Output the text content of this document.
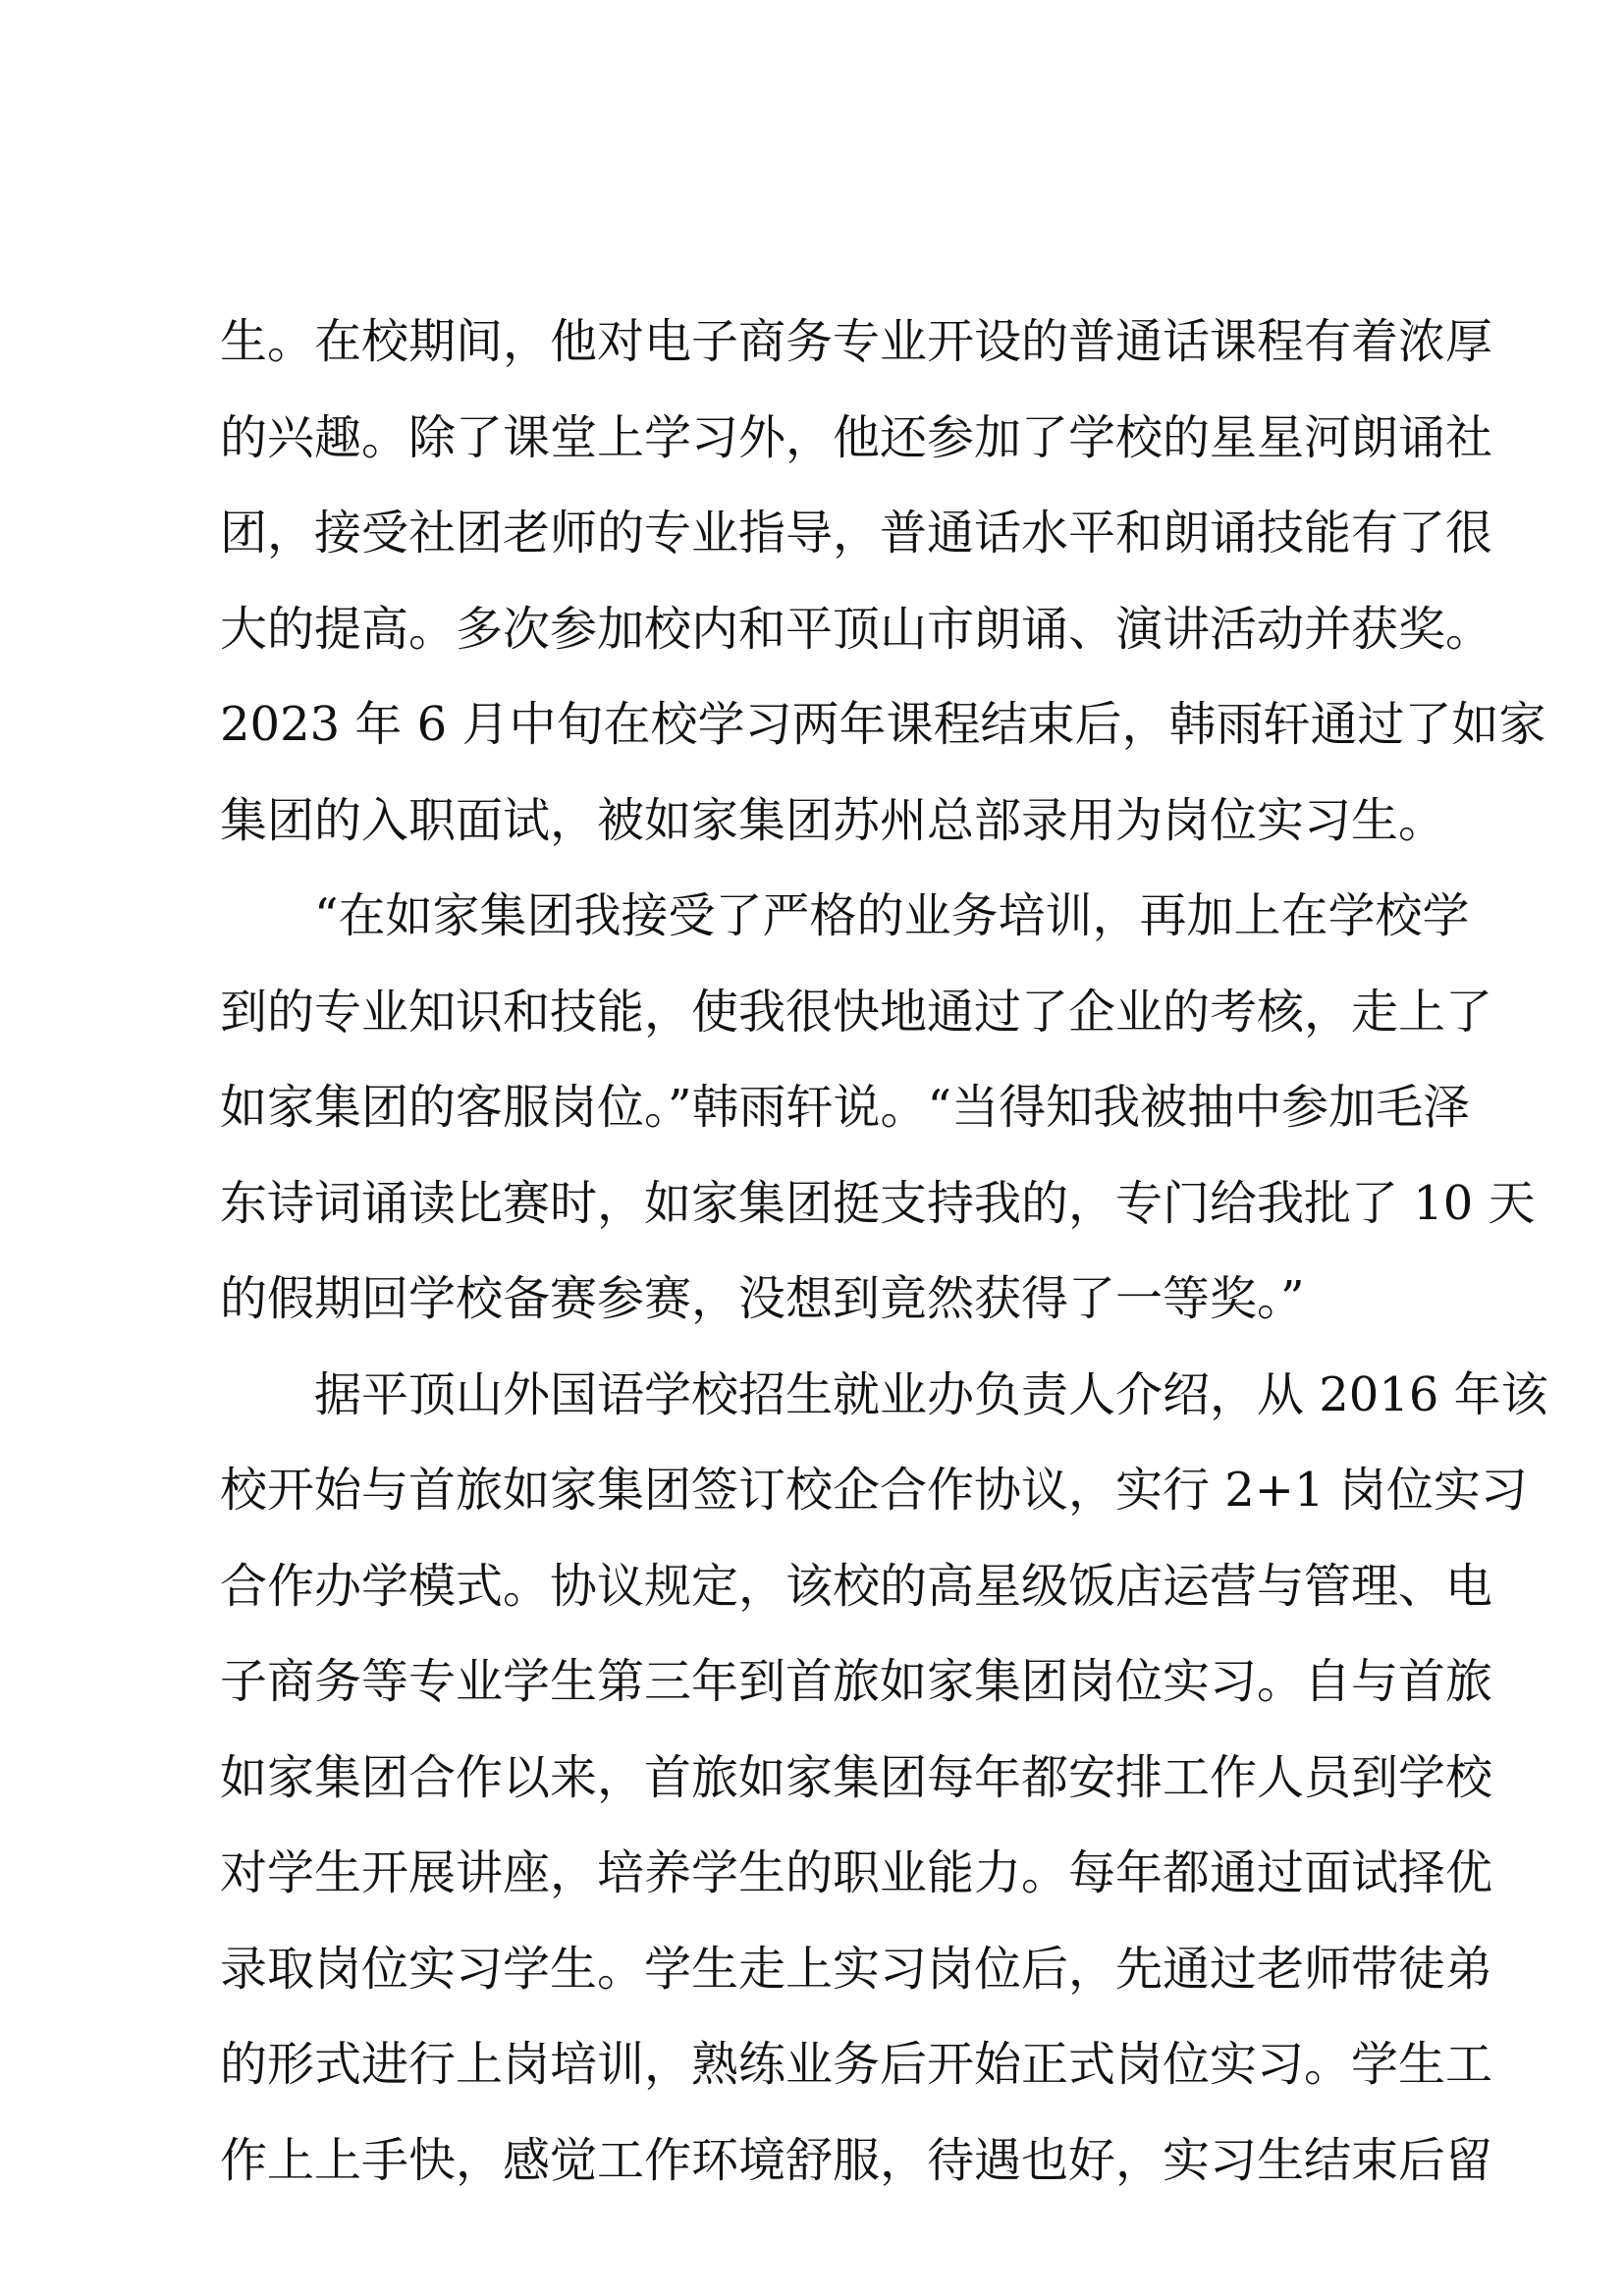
生。在校期间，他对电子商务专业开设的普通话课程有着浓厚
的兴趣。除了课堂上学习外，他还参加了学校的星星河朗诵社
团，接受社团老师的专业指导，普通话水平和朗诵技能有了很
大的提高。多次参加校内和平顶山市朗诵、演讲活动并获奖。
2023 年 6 月中旬在校学习两年课程结束后，韩雨轩通过了如家
集团的入职面试，被如家集团苏州总部录用为岗位实习生。
“在如家集团我接受了严格的业务培训，再加上在学校学
到的专业知识和技能，使我很快地通过了企业的考核，走上了
如家集团的客服岗位。”韩雨轩说。“当得知我被抽中参加毛泽
东诗词诵读比赛时，如家集团挺支持我的，专门给我批了 10 天
的假期回学校备赛参赛，没想到竟然获得了一等奖。”
据平顶山外国语学校招生就业办负责人介绍，从 2016 年该
校开始与首旅如家集团签订校企合作协议，实行 2+1 岗位实习
合作办学模式。协议规定，该校的高星级饭店运营与管理、电
子商务等专业学生第三年到首旅如家集团岗位实习。自与首旅
如家集团合作以来，首旅如家集团每年都安排工作人员到学校
对学生开展讲座，培养学生的职业能力。每年都通过面试择优
录取岗位实习学生。学生走上实习岗位后，先通过老师带徒弟
的形式进行上岗培训，熟练业务后开始正式岗位实习。学生工
作上上手快，感觉工作环境舒服，待遇也好，实习生结束后留
